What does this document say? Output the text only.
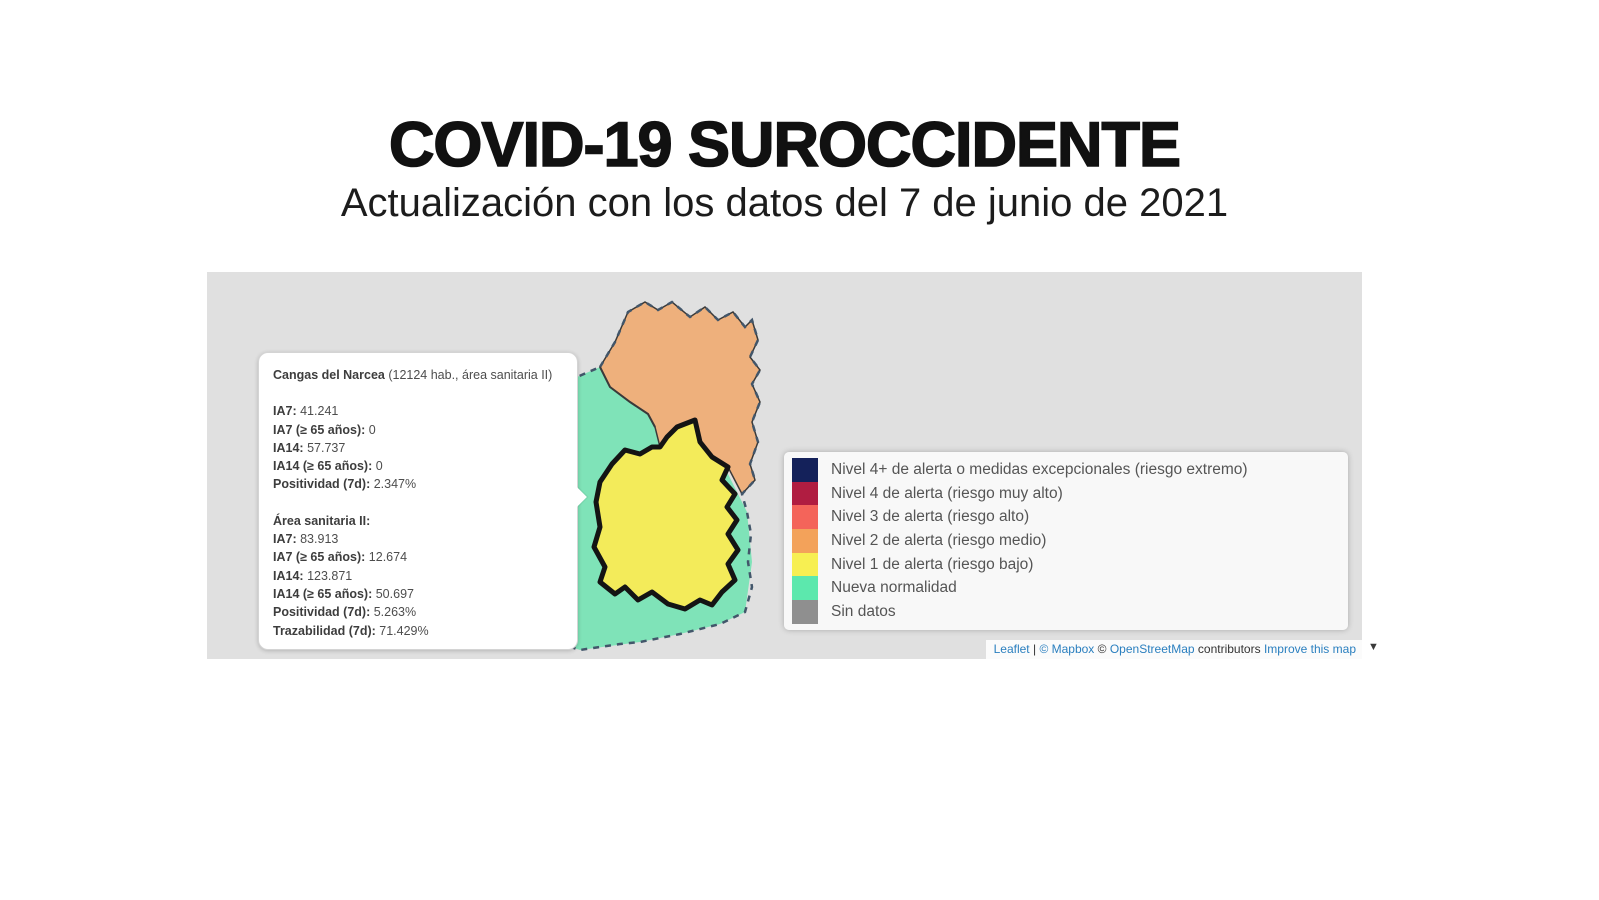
COVID-19 SUROCCIDENTE
Actualización con los datos del 7 de junio de 2021
Cangas del Narcea (12124 hab., área sanitaria II)
IA7: 41.241
IA7 (≥ 65 años): 0
IA14: 57.737
IA14 (≥ 65 años): 0
Positividad (7d): 2.347%
Área sanitaria II:
IA7: 83.913
IA7 (≥ 65 años): 12.674
IA14: 123.871
IA14 (≥ 65 años): 50.697
Positividad (7d): 5.263%
Trazabilidad (7d): 71.429%
Nivel 4+ de alerta o medidas excepcionales (riesgo extremo)
Nivel 4 de alerta (riesgo muy alto)
Nivel 3 de alerta (riesgo alto)
Nivel 2 de alerta (riesgo medio)
Nivel 1 de alerta (riesgo bajo)
Nueva normalidad
Sin datos
Leaflet | © Mapbox © OpenStreetMap contributors Improve this map	▼
